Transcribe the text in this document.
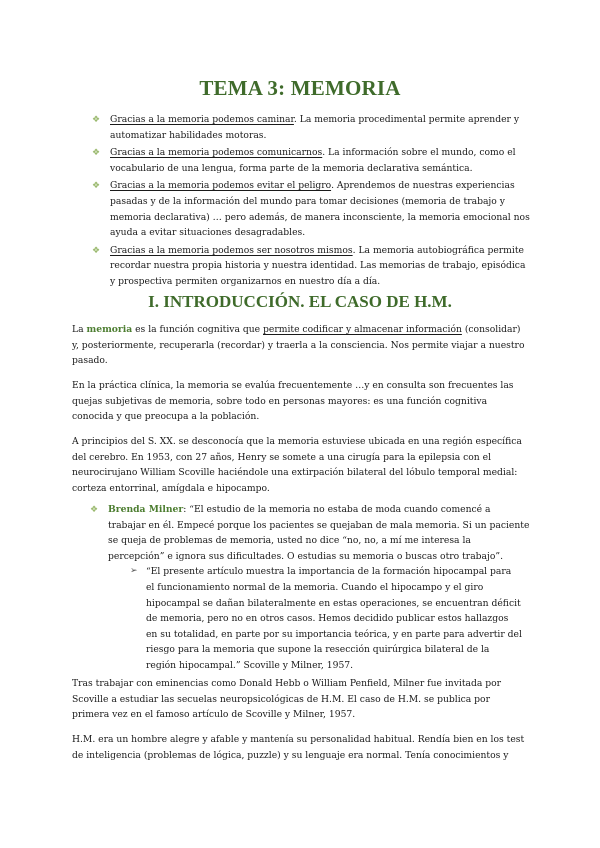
TEMA 3: MEMORIA

❖ Gracias a la memoria podemos caminar. La memoria procedimental permite aprender y automatizar habilidades motoras.

❖ Gracias a la memoria podemos comunicarnos. La información sobre el mundo, como el vocabulario de una lengua, forma parte de la memoria declarativa semántica.

❖ Gracias a la memoria podemos evitar el peligro. Aprendemos de nuestras experiencias pasadas y de la información del mundo para tomar decisiones (memoria de trabajo y memoria declarativa) … pero además, de manera inconsciente, la memoria emocional nos ayuda a evitar situaciones desagradables.

❖ Gracias a la memoria podemos ser nosotros mismos. La memoria autobiográfica permite recordar nuestra propia historia y nuestra identidad. Las memorias de trabajo, episódica y prospectiva permiten organizarnos en nuestro día a día.

I. INTRODUCCIÓN. EL CASO DE H.M.

La memoria es la función cognitiva que permite codificar y almacenar información (consolidar) y, posteriormente, recuperarla (recordar) y traerla a la consciencia. Nos permite viajar a nuestro pasado.

En la práctica clínica, la memoria se evalúa frecuentemente …y en consulta son frecuentes las quejas subjetivas de memoria, sobre todo en personas mayores: es una función cognitiva conocida y que preocupa a la población.

A principios del S. XX. se desconocía que la memoria estuviese ubicada en una región específica del cerebro. En 1953, con 27 años, Henry se somete a una cirugía para la epilepsia con el neurocirujano William Scoville haciéndole una extirpación bilateral del lóbulo temporal medial: corteza entorrinal, amígdala e hipocampo.

❖ Brenda Milner: “El estudio de la memoria no estaba de moda cuando comencé a trabajar en él. Empecé porque los pacientes se quejaban de mala memoria. Si un paciente se queja de problemas de memoria, usted no dice “no, no, a mí me interesa la percepción” e ignora sus dificultades. O estudias su memoria o buscas otro trabajo”.

➢ “El presente artículo muestra la importancia de la formación hipocampal para el funcionamiento normal de la memoria. Cuando el hipocampo y el giro hipocampal se dañan bilateralmente en estas operaciones, se encuentran déficit de memoria, pero no en otros casos. Hemos decidido publicar estos hallazgos en su totalidad, en parte por su importancia teórica, y en parte para advertir del riesgo para la memoria que supone la resección quirúrgica bilateral de la región hipocampal.” Scoville y Milner, 1957.

Tras trabajar con eminencias como Donald Hebb o William Penfield, Milner fue invitada por Scoville a estudiar las secuelas neuropsicológicas de H.M. El caso de H.M. se publica por primera vez en el famoso artículo de Scoville y Milner, 1957.

H.M. era un hombre alegre y afable y mantenía su personalidad habitual. Rendía bien en los test de inteligencia (problemas de lógica, puzzle) y su lenguaje era normal. Tenía conocimientos y
